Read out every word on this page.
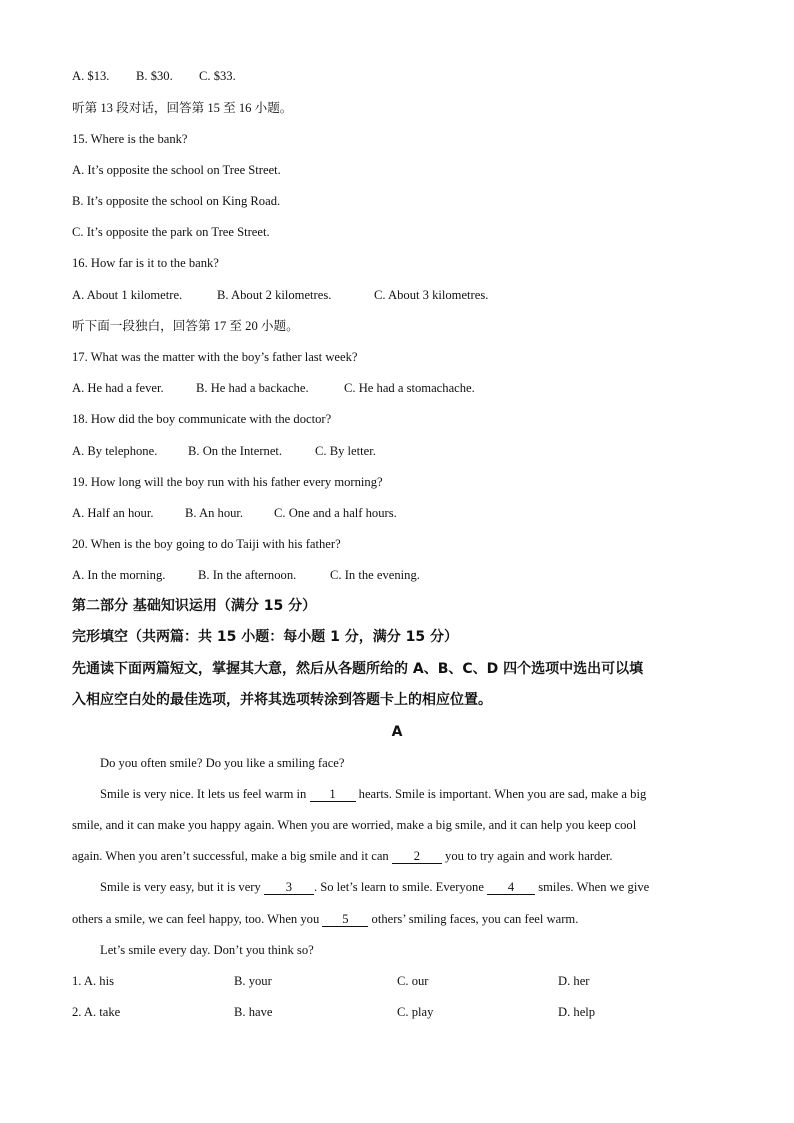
A. $13. B. $30. C. $33.
听第 13 段对话，回答第 15 至 16 小题。
15. Where is the bank?
A. It’s opposite the school on Tree Street.
B. It’s opposite the school on King Road.
C. It’s opposite the park on Tree Street.
16. How far is it to the bank?
A. About 1 kilometre.	B. About 2 kilometres.	C. About 3 kilometres.
听下面一段独白，回答第 17 至 20 小题。
17. What was the matter with the boy’s father last week?
A. He had a fever.	B. He had a backache.	C. He had a stomachache.
18. How did the boy communicate with the doctor?
A. By telephone. B. On the Internet.	C. By letter.
19. How long will the boy run with his father every morning?
A. Half an hour.	B. An hour. C. One and a half hours.
20. When is the boy going to do Taiji with his father?
A. In the morning.	B. In the afternoon.	C. In the evening.
第二部分 基础知识运用（满分 15 分）
完形填空（共两篇：共 15 小题：每小题 1 分，满分 15 分）
先通读下面两篇短文，掌握其大意，然后从各题所给的 A、B、C、D 四个选项中选出可以填
入相应空白处的最佳选项，并将其选项转涂到答题卡上的相应位置。
A
Do you often smile? Do you like a smiling face?
Smile is very nice. It lets us feel warm in 1 hearts. Smile is important. When you are sad, make a big
smile, and it can make you happy again. When you are worried, make a big smile, and it can help you keep cool
again. When you aren’t successful, make a big smile and it can 2 you to try again and work harder.
Smile is very easy, but it is very 3 . So let’s learn to smile. Everyone 4 smiles. When we give
others a smile, we can feel happy, too. When you 5 others’ smiling faces, you can feel warm.
Let’s smile every day. Don’t you think so?
1. A. his	B. your	C. our	D. her
2. A. take	B. have	C. play	D. help
